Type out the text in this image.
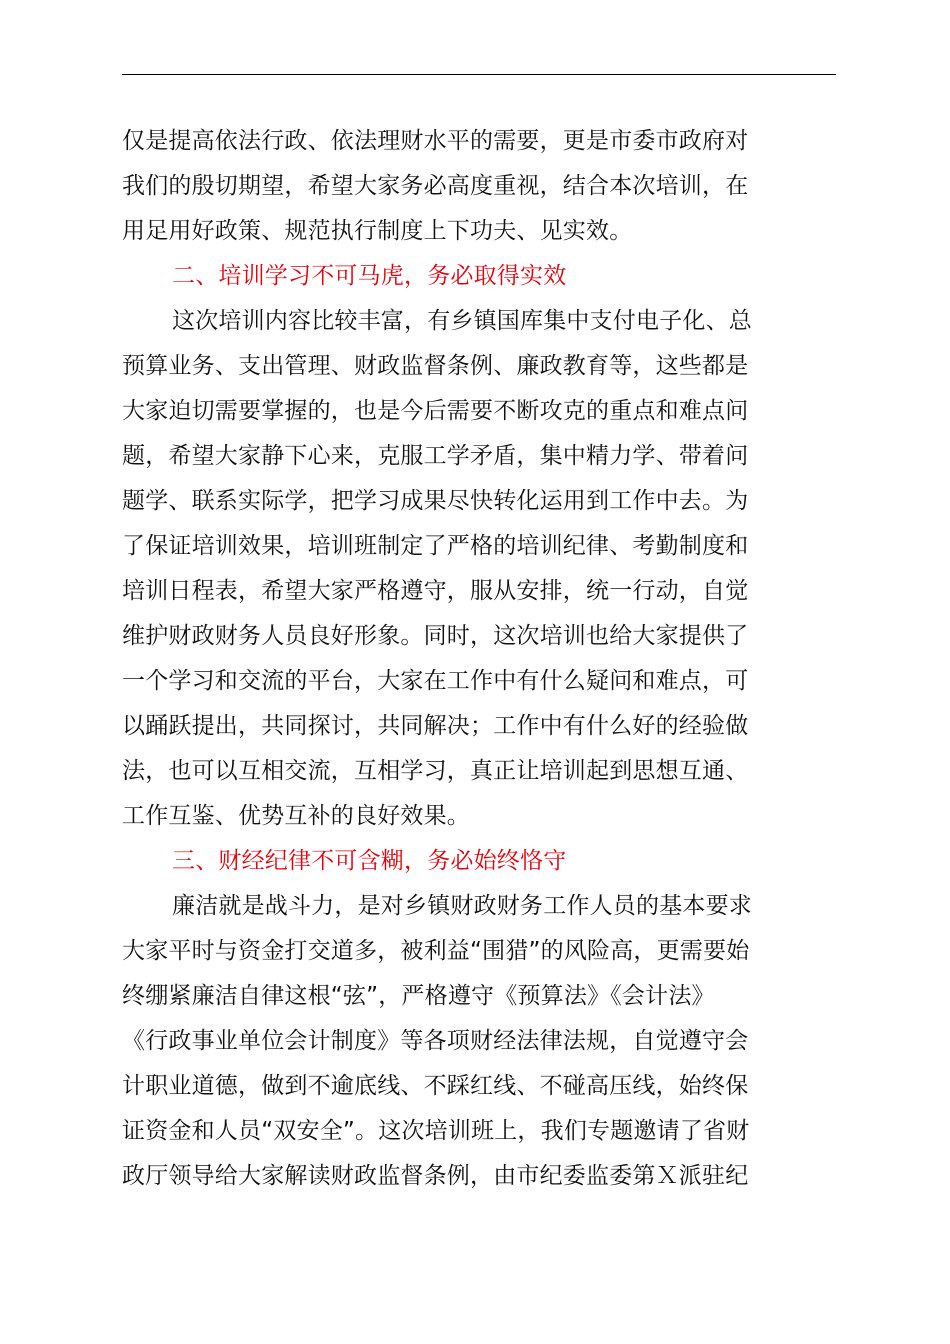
仅是提高依法行政、依法理财水平的需要，更是市委市政府对
我们的殷切期望，希望大家务必高度重视，结合本次培训，在
用足用好政策、规范执行制度上下功夫、见实效。
二、培训学习不可马虎，务必取得实效
这次培训内容比较丰富，有乡镇国库集中支付电子化、总
预算业务、支出管理、财政监督条例、廉政教育等，这些都是
大家迫切需要掌握的，也是今后需要不断攻克的重点和难点问
题，希望大家静下心来，克服工学矛盾，集中精力学、带着问
题学、联系实际学，把学习成果尽快转化运用到工作中去。为
了保证培训效果，培训班制定了严格的培训纪律、考勤制度和
培训日程表，希望大家严格遵守，服从安排，统一行动，自觉
维护财政财务人员良好形象。同时，这次培训也给大家提供了
一个学习和交流的平台，大家在工作中有什么疑问和难点，可
以踊跃提出，共同探讨，共同解决；工作中有什么好的经验做
法，也可以互相交流，互相学习，真正让培训起到思想互通、
工作互鉴、优势互补的良好效果。
三、财经纪律不可含糊，务必始终恪守
廉洁就是战斗力，是对乡镇财政财务工作人员的基本要求
大家平时与资金打交道多，被利益“围猎”的风险高，更需要始
终绷紧廉洁自律这根“弦”，严格遵守《预算法》《会计法》
《行政事业单位会计制度》等各项财经法律法规，自觉遵守会
计职业道德，做到不逾底线、不踩红线、不碰高压线，始终保
证资金和人员“双安全”。这次培训班上，我们专题邀请了省财
政厅领导给大家解读财政监督条例，由市纪委监委第Ｘ派驻纪
